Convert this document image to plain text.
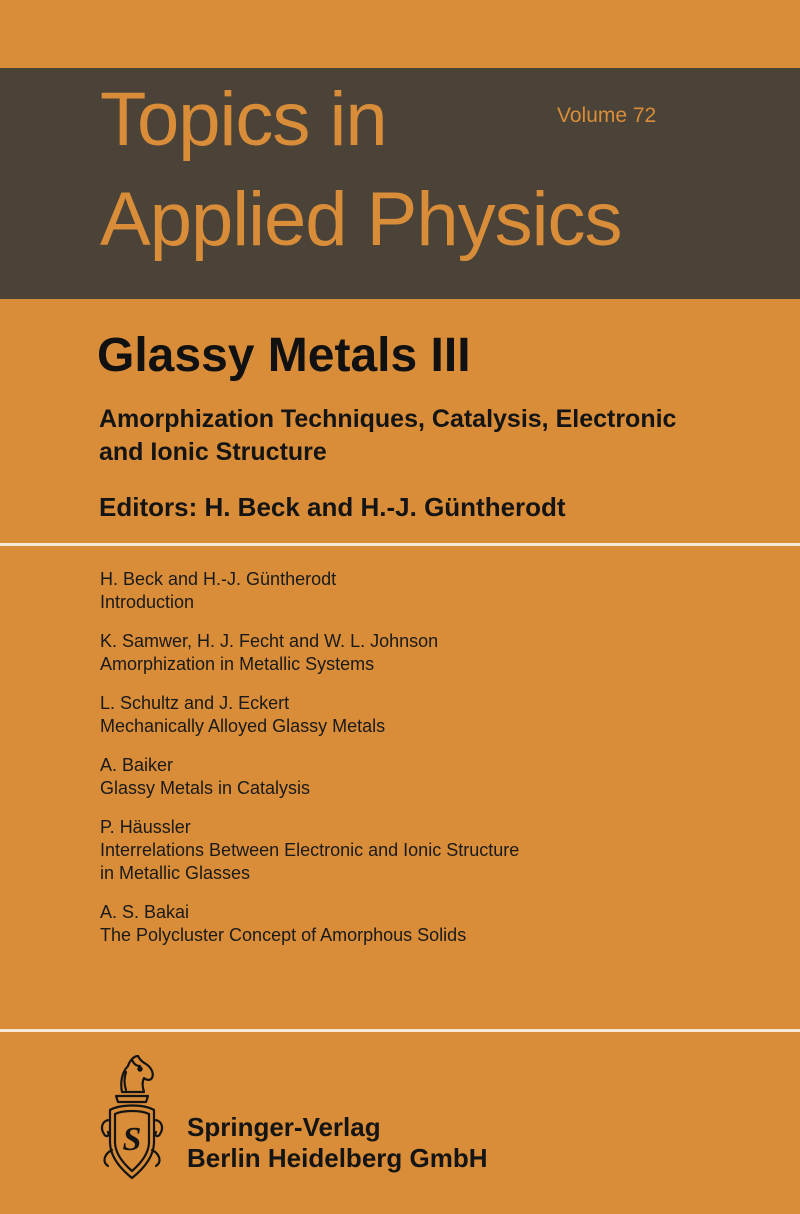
Topics in
Applied Physics
Volume 72
Glassy Metals III
Amorphization Techniques, Catalysis, Electronic
and Ionic Structure
Editors: H. Beck and H.-J. Güntherodt
H. Beck and H.-J. Güntherodt
Introduction
K. Samwer, H. J. Fecht and W. L. Johnson
Amorphization in Metallic Systems
L. Schultz and J. Eckert
Mechanically Alloyed Glassy Metals
A. Baiker
Glassy Metals in Catalysis
P. Häussler
Interrelations Between Electronic and Ionic Structure
in Metallic Glasses
A. S. Bakai
The Polycluster Concept of Amorphous Solids
S Springer-Verlag
Berlin Heidelberg GmbH
